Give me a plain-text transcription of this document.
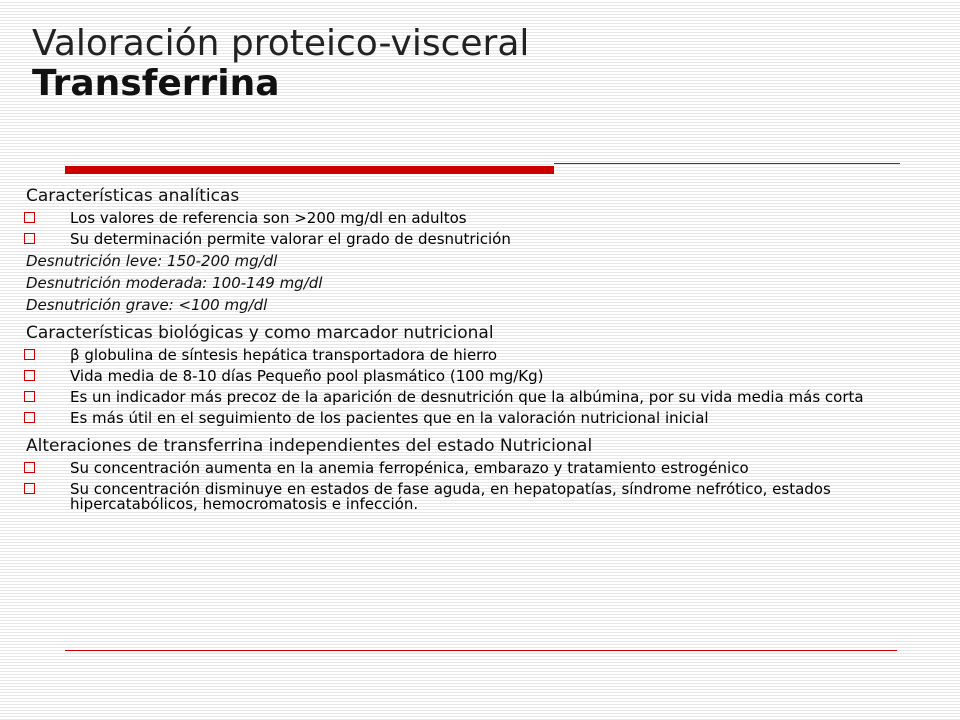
Valoración proteico-visceral
Transferrina
Características analíticas
Los valores de referencia son >200 mg/dl en adultos
Su determinación permite valorar el grado de desnutrición
Desnutrición leve: 150-200 mg/dl
Desnutrición moderada: 100-149 mg/dl
Desnutrición grave: <100 mg/dl
Características biológicas y como marcador nutricional
β globulina de síntesis hepática transportadora de hierro
Vida media de 8-10 días Pequeño pool plasmático (100 mg/Kg)
Es un indicador más precoz de la aparición de desnutrición que la albúmina, por su vida media más corta
Es más útil en el seguimiento de los pacientes que en la valoración nutricional inicial
Alteraciones de transferrina independientes del estado Nutricional
Su concentración aumenta en la anemia ferropénica, embarazo y tratamiento estrogénico
Su concentración disminuye en estados de fase aguda, en hepatopatías, síndrome nefrótico, estados hipercatabólicos, hemocromatosis e infección.
